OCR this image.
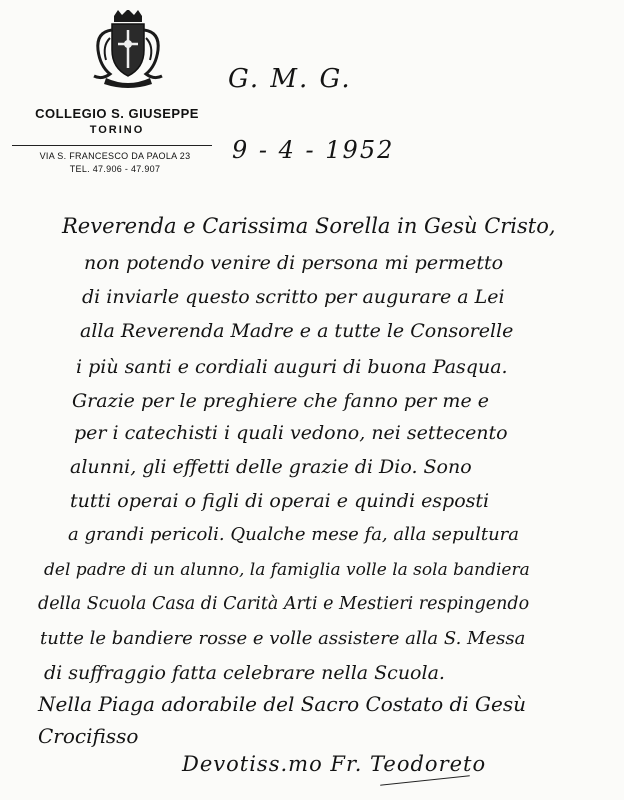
COLLEGIO S. GIUSEPPE
TORINO
VIA S. FRANCESCO DA PAOLA 23
TEL. 47.906 - 47.907
G. M. G.
9 - 4 - 1952
Reverenda e Carissima Sorella in Gesù Cristo,
non potendo venire di persona mi permetto
di inviarle questo scritto per augurare a Lei
alla Reverenda Madre e a tutte le Consorelle
i più santi e cordiali auguri di buona Pasqua.
Grazie per le preghiere che fanno per me e
per i catechisti i quali vedono, nei settecento
alunni, gli effetti delle grazie di Dio. Sono
tutti operai o figli di operai e quindi esposti
a grandi pericoli. Qualche mese fa, alla sepultura
del padre di un alunno, la famiglia volle la sola bandiera
della Scuola Casa di Carità Arti e Mestieri respingendo
tutte le bandiere rosse e volle assistere alla S. Messa
di suffraggio fatta celebrare nella Scuola.
Nella Piaga adorabile del Sacro Costato di Gesù
Crocifisso
Devotiss.mo Fr. Teodoreto
